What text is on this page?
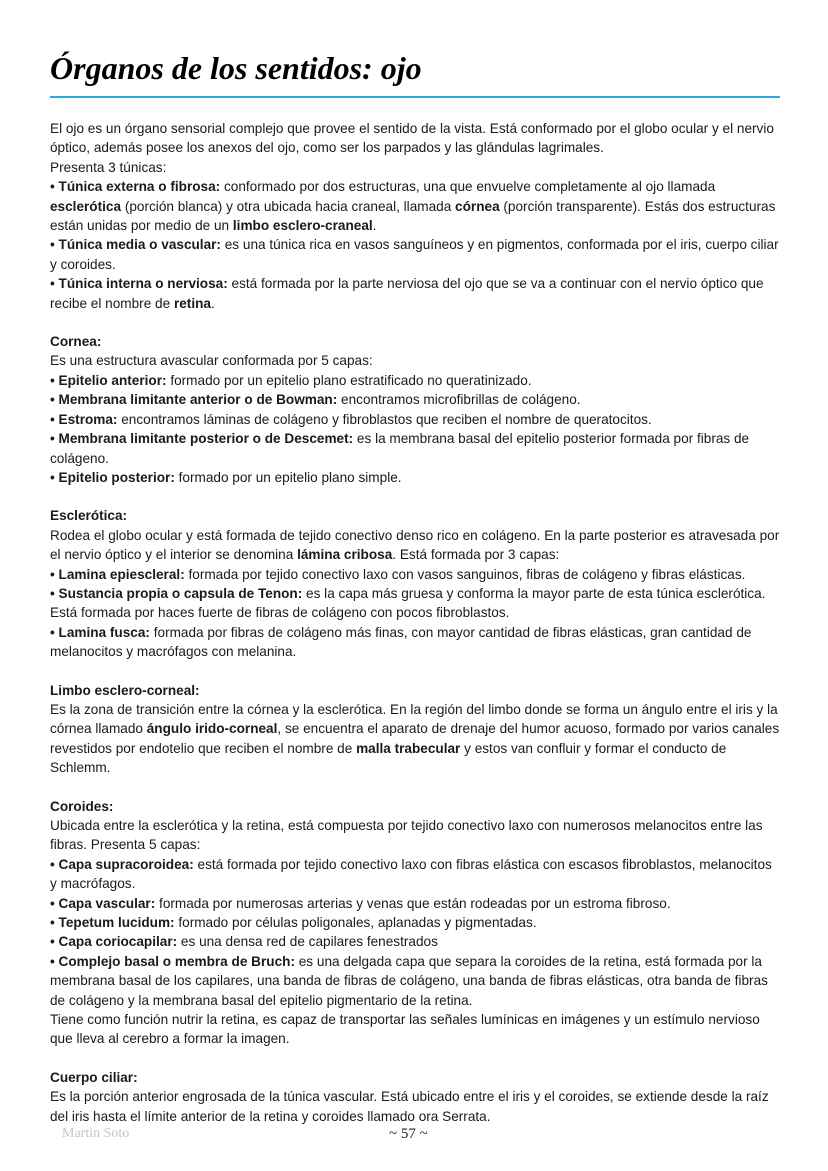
Órganos de los sentidos: ojo

El ojo es un órgano sensorial complejo que provee el sentido de la vista. Está conformado por el globo ocular y el nervio óptico, además posee los anexos del ojo, como ser los parpados y las glándulas lagrimales.

Presenta 3 túnicas:

• Túnica externa o fibrosa: conformado por dos estructuras, una que envuelve completamente al ojo llamada esclerótica (porción blanca) y otra ubicada hacia craneal, llamada córnea (porción transparente). Estás dos estructuras están unidas por medio de un limbo esclero-craneal.

• Túnica media o vascular: es una túnica rica en vasos sanguíneos y en pigmentos, conformada por el iris, cuerpo ciliar y coroides.

• Túnica interna o nerviosa: está formada por la parte nerviosa del ojo que se va a continuar con el nervio óptico que recibe el nombre de retina.

Cornea:

Es una estructura avascular conformada por 5 capas:

• Epitelio anterior: formado por un epitelio plano estratificado no queratinizado.

• Membrana limitante anterior o de Bowman: encontramos microfibrillas de colágeno.

• Estroma: encontramos láminas de colágeno y fibroblastos que reciben el nombre de queratocitos.

• Membrana limitante posterior o de Descemet: es la membrana basal del epitelio posterior formada por fibras de colágeno.

• Epitelio posterior: formado por un epitelio plano simple.

Esclerótica:

Rodea el globo ocular y está formada de tejido conectivo denso rico en colágeno. En la parte posterior es atravesada por el nervio óptico y el interior se denomina lámina cribosa. Está formada por 3 capas:

• Lamina epiescleral: formada por tejido conectivo laxo con vasos sanguinos, fibras de colágeno y fibras elásticas.

• Sustancia propia o capsula de Tenon: es la capa más gruesa y conforma la mayor parte de esta túnica esclerótica. Está formada por haces fuerte de fibras de colágeno con pocos fibroblastos.

• Lamina fusca: formada por fibras de colágeno más finas, con mayor cantidad de fibras elásticas, gran cantidad de melanocitos y macrófagos con melanina.

Limbo esclero-corneal:

Es la zona de transición entre la córnea y la esclerótica. En la región del limbo donde se forma un ángulo entre el iris y la córnea llamado ángulo irido-corneal, se encuentra el aparato de drenaje del humor acuoso, formado por varios canales revestidos por endotelio que reciben el nombre de malla trabecular y estos van confluir y formar el conducto de Schlemm.

Coroides:

Ubicada entre la esclerótica y la retina, está compuesta por tejido conectivo laxo con numerosos melanocitos entre las fibras. Presenta 5 capas:

• Capa supracoroidea: está formada por tejido conectivo laxo con fibras elástica con escasos fibroblastos, melanocitos y macrófagos.

• Capa vascular: formada por numerosas arterias y venas que están rodeadas por un estroma fibroso.

• Tepetum lucidum: formado por células poligonales, aplanadas y pigmentadas.

• Capa coriocapilar: es una densa red de capilares fenestrados

• Complejo basal o membra de Bruch: es una delgada capa que separa la coroides de la retina, está formada por la membrana basal de los capilares, una banda de fibras de colágeno, una banda de fibras elásticas, otra banda de fibras de colágeno y la membrana basal del epitelio pigmentario de la retina.

Tiene como función nutrir la retina, es capaz de transportar las señales lumínicas en imágenes y un estímulo nervioso que lleva al cerebro a formar la imagen.

Cuerpo ciliar:

Es la porción anterior engrosada de la túnica vascular. Está ubicado entre el iris y el coroides, se extiende desde la raíz del iris hasta el límite anterior de la retina y coroides llamado ora Serrata.

Martin Soto	~ 57 ~
